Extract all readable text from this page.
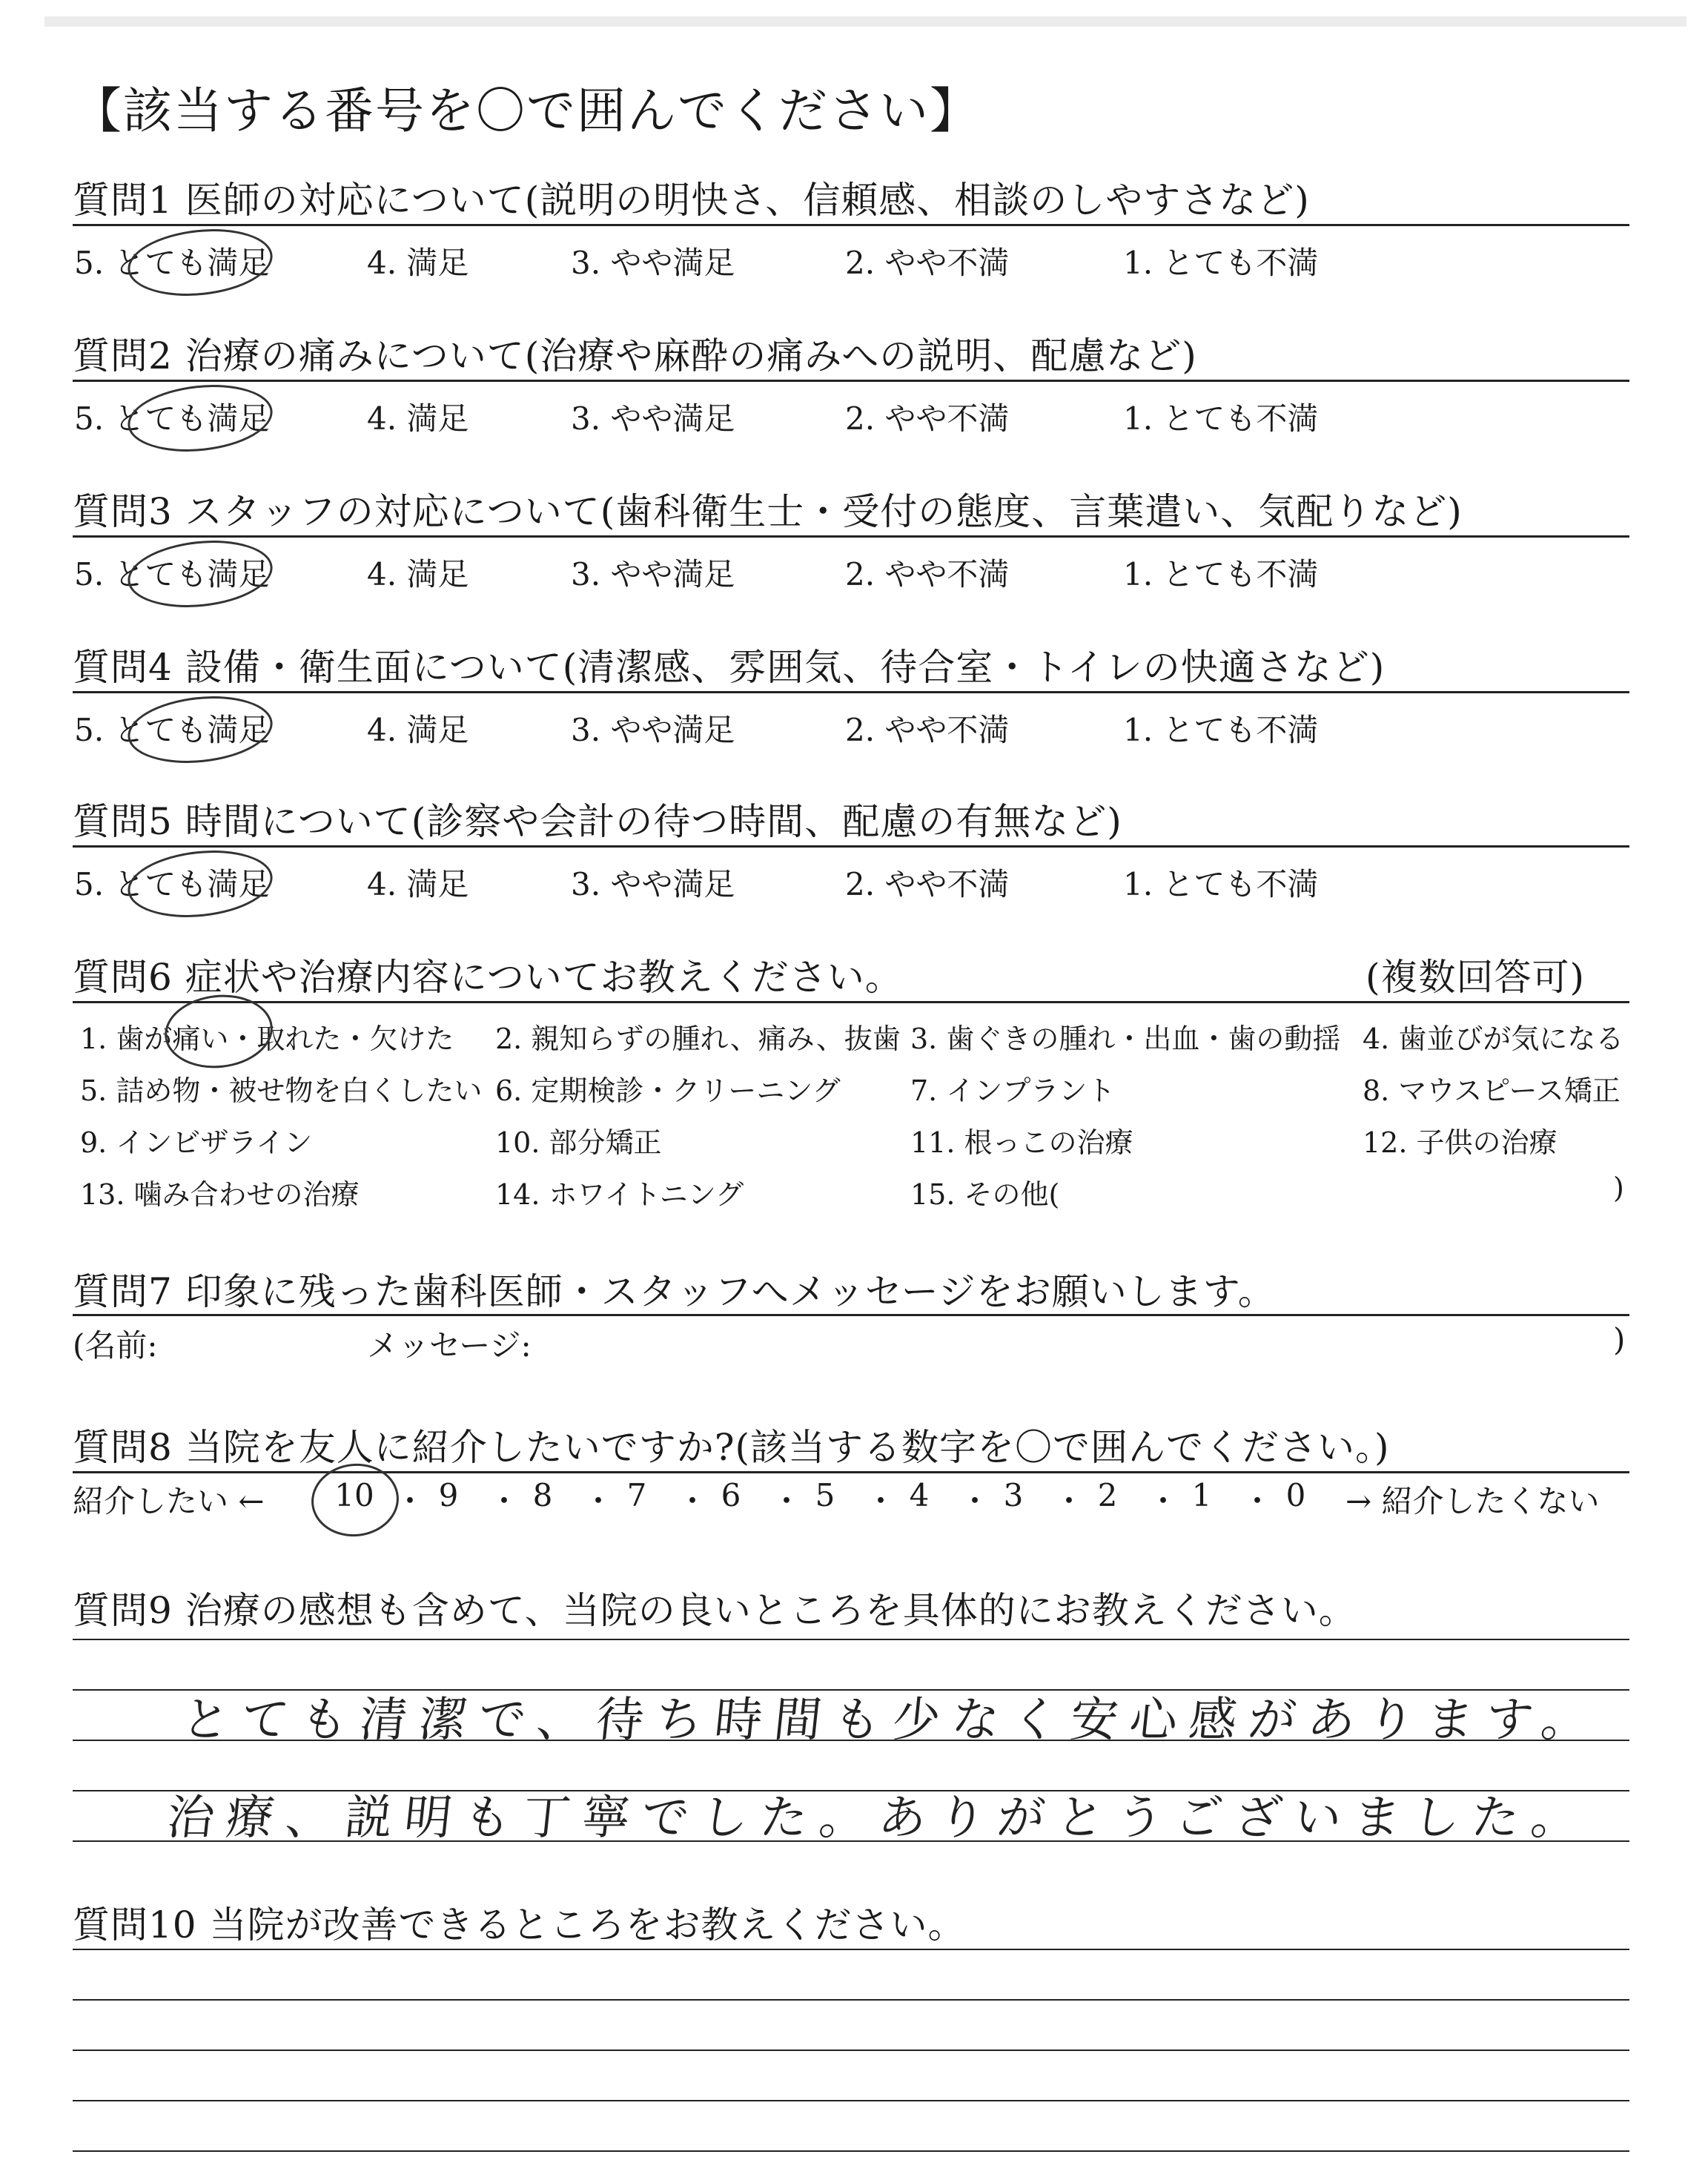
【該当する番号を〇で囲んでください】
質問1 医師の対応について(説明の明快さ、信頼感、相談のしやすさなど)
5. とても満足	4. 満足	3. やや満足	2. やや不満	1. とても不満
質問2 治療の痛みについて(治療や麻酔の痛みへの説明、配慮など)
5. とても満足	4. 満足	3. やや満足	2. やや不満	1. とても不満
質問3 スタッフの対応について(歯科衛生士・受付の態度、言葉遣い、気配りなど)
5. とても満足	4. 満足	3. やや満足	2. やや不満	1. とても不満
質問4 設備・衛生面について(清潔感、雰囲気、待合室・トイレの快適さなど)
5. とても満足	4. 満足	3. やや満足	2. やや不満	1. とても不満
質問5 時間について(診察や会計の待つ時間、配慮の有無など)
5. とても満足	4. 満足	3. やや満足	2. やや不満	1. とても不満
質問6 症状や治療内容についてお教えください。	(複数回答可)
1. 歯が痛い・取れた・欠けた 2. 親知らずの腫れ、痛み、抜歯 3. 歯ぐきの腫れ・出血・歯の動揺 4. 歯並びが気になる
5. 詰め物・被せ物を白くしたい 6. 定期検診・クリーニング 7. インプラント	8. マウスピース矯正
9. インビザライン	10. 部分矯正	11. 根っこの治療	12. 子供の治療
13. 噛み合わせの治療	14. ホワイトニング	15. その他(	)
質問7 印象に残った歯科医師・スタッフへメッセージをお願いします。
(名前:	メッセージ:	)
質問8 当院を友人に紹介したいですか?(該当する数字を〇で囲んでください。)
紹介したい ←	→ 紹介したくない
10 ・ 9 ・ 8 ・ 7 ・ 6 ・ 5 ・ 4 ・ 3 ・ 2 ・ 1 ・ 0
質問9 治療の感想も含めて、当院の良いところを具体的にお教えください。
とても清潔で、待ち時間も少なく安心感があります。
治療、説明も丁寧でした。ありがとうございました。
質問10 当院が改善できるところをお教えください。
